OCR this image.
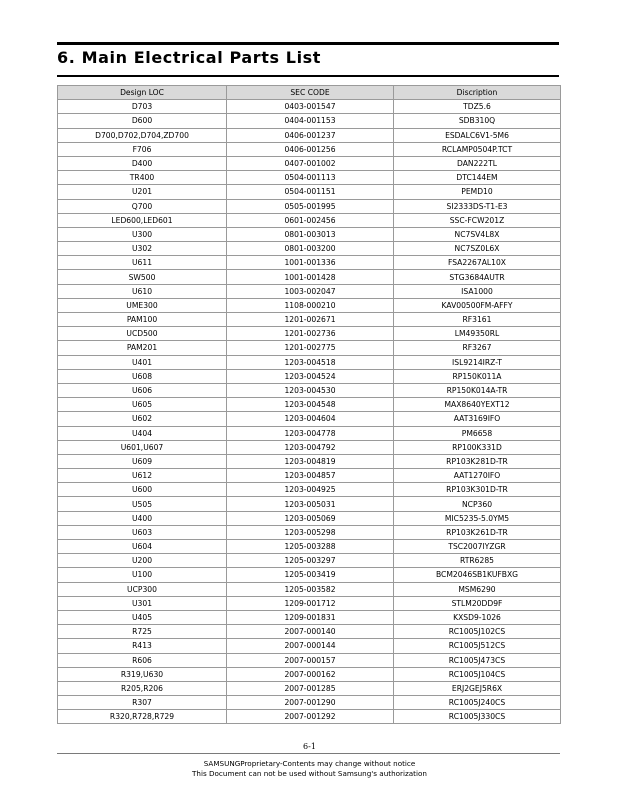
6. Main Electrical Parts List
Design LOC	SEC CODE	Discription
D703	0403-001547	TDZ5.6
D600	0404-001153	SDB310Q
D700,D702,D704,ZD700	0406-001237	ESDALC6V1-5M6
F706	0406-001256	RCLAMP0504P.TCT
D400	0407-001002	DAN222TL
TR400	0504-001113	DTC144EM
U201	0504-001151	PEMD10
Q700	0505-001995	SI2333DS-T1-E3
LED600,LED601	0601-002456	SSC-FCW201Z
U300	0801-003013	NC7SV4L8X
U302	0801-003200	NC7SZ0L6X
U611	1001-001336	FSA2267AL10X
SW500	1001-001428	STG3684AUTR
U610	1003-002047	ISA1000
UME300	1108-000210	KAV00500FM-AFFY
PAM100	1201-002671	RF3161
UCD500	1201-002736	LM49350RL
PAM201	1201-002775	RF3267
U401	1203-004518	ISL9214IRZ-T
U608	1203-004524	RP150K011A
U606	1203-004530	RP150K014A-TR
U605	1203-004548	MAX8640YEXT12
U602	1203-004604	AAT3169IFO
U404	1203-004778	PM6658
U601,U607	1203-004792	RP100K331D
U609	1203-004819	RP103K281D-TR
U612	1203-004857	AAT1270IFO
U600	1203-004925	RP103K301D-TR
U505	1203-005031	NCP360
U400	1203-005069	MIC5235-5.0YM5
U603	1203-005298	RP103K261D-TR
U604	1205-003288	TSC2007IYZGR
U200	1205-003297	RTR6285
U100	1205-003419	BCM2046SB1KUFBXG
UCP300	1205-003582	MSM6290
U301	1209-001712	STLM20DD9F
U405	1209-001831	KXSD9-1026
R725	2007-000140	RC1005J102CS
R413	2007-000144	RC1005J512CS
R606	2007-000157	RC1005J473CS
R319,U630	2007-000162	RC1005J104CS
R205,R206	2007-001285	ERJ2GEJ5R6X
R307	2007-001290	RC1005J240CS
R320,R728,R729	2007-001292	RC1005J330CS
6-1
SAMSUNGProprietary-Contents may change without notice
This Document can not be used without Samsung's authorization
